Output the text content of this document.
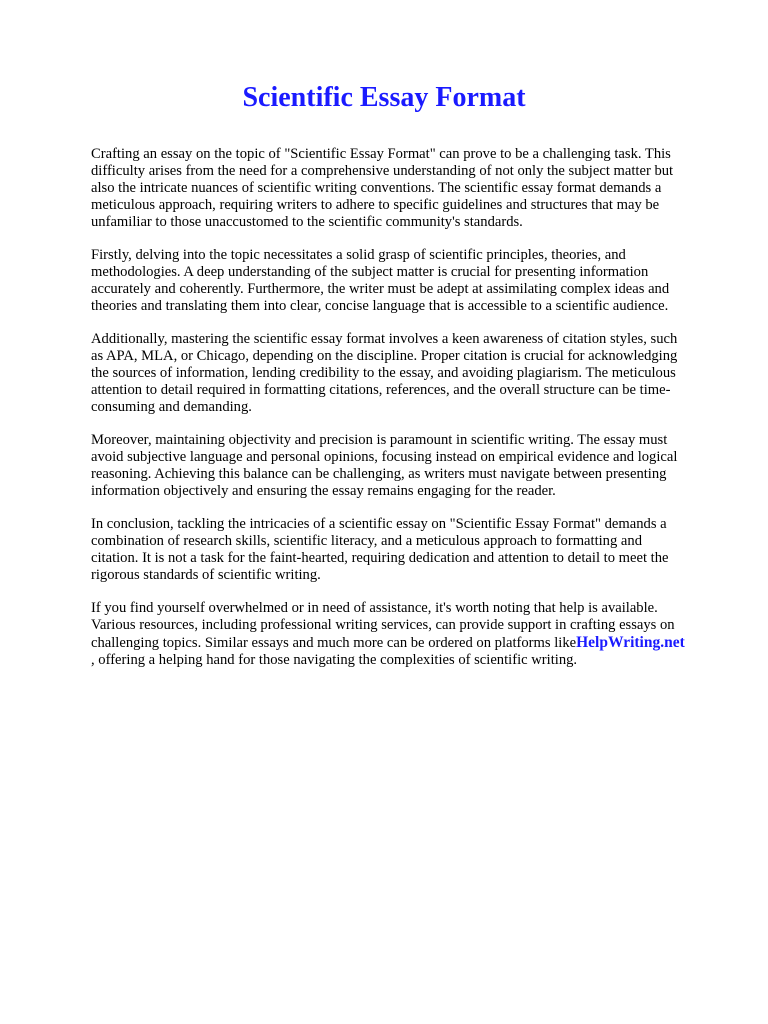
Scientific Essay Format

Crafting an essay on the topic of "Scientific Essay Format" can prove to be a challenging task. This
difficulty arises from the need for a comprehensive understanding of not only the subject matter but
also the intricate nuances of scientific writing conventions. The scientific essay format demands a
meticulous approach, requiring writers to adhere to specific guidelines and structures that may be
unfamiliar to those unaccustomed to the scientific community's standards.

Firstly, delving into the topic necessitates a solid grasp of scientific principles, theories, and
methodologies. A deep understanding of the subject matter is crucial for presenting information
accurately and coherently. Furthermore, the writer must be adept at assimilating complex ideas and
theories and translating them into clear, concise language that is accessible to a scientific audience.

Additionally, mastering the scientific essay format involves a keen awareness of citation styles, such
as APA, MLA, or Chicago, depending on the discipline. Proper citation is crucial for acknowledging
the sources of information, lending credibility to the essay, and avoiding plagiarism. The meticulous
attention to detail required in formatting citations, references, and the overall structure can be time-
consuming and demanding.

Moreover, maintaining objectivity and precision is paramount in scientific writing. The essay must
avoid subjective language and personal opinions, focusing instead on empirical evidence and logical
reasoning. Achieving this balance can be challenging, as writers must navigate between presenting
information objectively and ensuring the essay remains engaging for the reader.

In conclusion, tackling the intricacies of a scientific essay on "Scientific Essay Format" demands a
combination of research skills, scientific literacy, and a meticulous approach to formatting and
citation. It is not a task for the faint-hearted, requiring dedication and attention to detail to meet the
rigorous standards of scientific writing.

If you find yourself overwhelmed or in need of assistance, it's worth noting that help is available.
Various resources, including professional writing services, can provide support in crafting essays on
challenging topics. Similar essays and much more can be ordered on platforms likeHelpWriting.net
, offering a helping hand for those navigating the complexities of scientific writing.
